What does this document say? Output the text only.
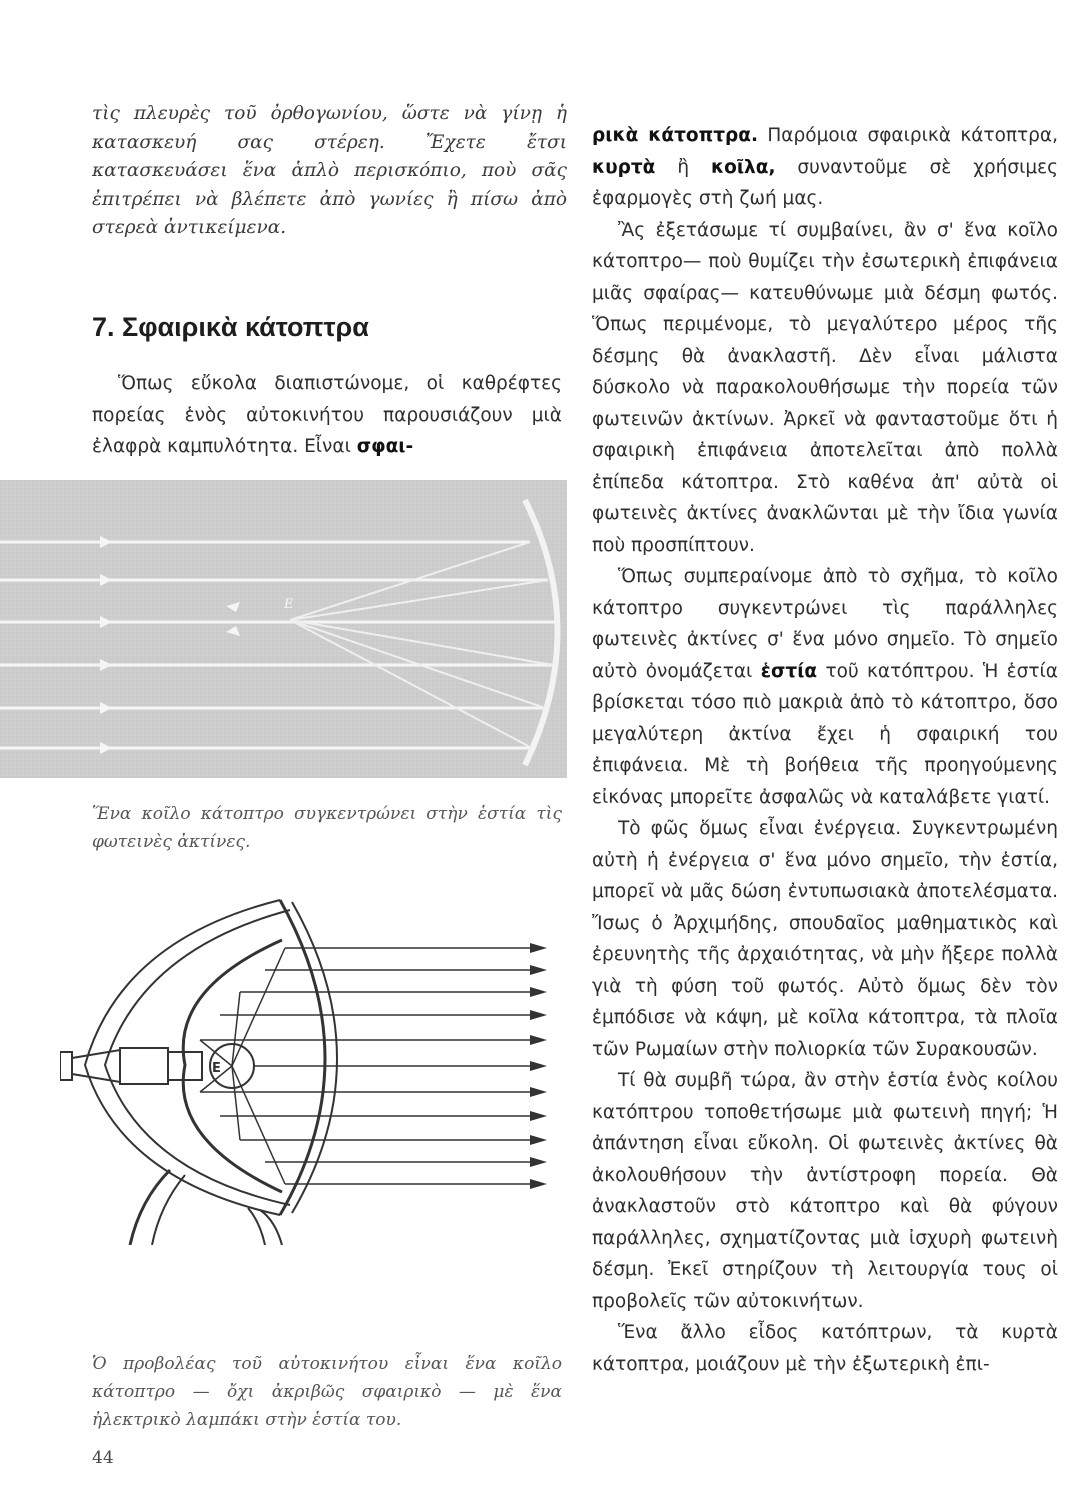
τὶς πλευρὲς τοῦ ὀρθογωνίου, ὥστε νὰ γίνῃ ἡ κατασκευή σας στέρεη. Ἔχετε ἔτσι κατασκευάσει ἕνα ἁπλὸ περισκόπιο, ποὺ σᾶς ἐπιτρέπει νὰ βλέπετε ἀπὸ γωνίες ἢ πίσω ἀπὸ στερεὰ ἀντικείμενα.

7. Σφαιρικὰ κάτοπτρα

Ὅπως εὔκολα διαπιστώνομε, οἱ καθρέφτες πορείας ἑνὸς αὐτοκινήτου παρουσιάζουν μιὰ ἐλαφρὰ καμπυλότητα. Εἶναι σφαι-

Ε

Ἕνα κοῖλο κάτοπτρο συγκεντρώνει στὴν ἑστία τὶς φωτεινὲς ἀκτίνες.

Ε

Ὁ προβολέας τοῦ αὐτοκινήτου εἶναι ἕνα κοῖλο κάτοπτρο — ὄχι ἀκριβῶς σφαιρικὸ — μὲ ἕνα ἠλεκτρικὸ λαμπάκι στὴν ἑστία του.

44

ρικὰ κάτοπτρα. Παρόμοια σφαιρικὰ κάτοπτρα, κυρτὰ ἢ κοῖλα, συναντοῦμε σὲ χρήσιμες ἐφαρμογὲς στὴ ζωή μας.

Ἂς ἐξετάσωμε τί συμβαίνει, ἂν σ' ἕνα κοῖλο κάτοπτρο— ποὺ θυμίζει τὴν ἐσωτερικὴ ἐπιφάνεια μιᾶς σφαίρας— κατευθύνωμε μιὰ δέσμη φωτός. Ὅπως περιμένομε, τὸ μεγαλύτερο μέρος τῆς δέσμης θὰ ἀνακλαστῆ. Δὲν εἶναι μάλιστα δύσκολο νὰ παρακολουθήσωμε τὴν πορεία τῶν φωτεινῶν ἀκτίνων. Ἀρκεῖ νὰ φανταστοῦμε ὅτι ἡ σφαιρικὴ ἐπιφάνεια ἀποτελεῖται ἀπὸ πολλὰ ἐπίπεδα κάτοπτρα. Στὸ καθένα ἀπ' αὐτὰ οἱ φωτεινὲς ἀκτίνες ἀνακλῶνται μὲ τὴν ἴδια γωνία ποὺ προσπίπτουν.

Ὅπως συμπεραίνομε ἀπὸ τὸ σχῆμα, τὸ κοῖλο κάτοπτρο συγκεντρώνει τὶς παράλληλες φωτεινὲς ἀκτίνες σ' ἕνα μόνο σημεῖο. Τὸ σημεῖο αὐτὸ ὀνομάζεται ἑστία τοῦ κατόπτρου. Ἡ ἑστία βρίσκεται τόσο πιὸ μακριὰ ἀπὸ τὸ κάτοπτρο, ὅσο μεγαλύτερη ἀκτίνα ἔχει ἡ σφαιρική του ἐπιφάνεια. Μὲ τὴ βοήθεια τῆς προηγούμενης εἰκόνας μπορεῖτε ἀσφαλῶς νὰ καταλάβετε γιατί.

Τὸ φῶς ὅμως εἶναι ἐνέργεια. Συγκεντρωμένη αὐτὴ ἡ ἐνέργεια σ' ἕνα μόνο σημεῖο, τὴν ἑστία, μπορεῖ νὰ μᾶς δώση ἐντυπωσιακὰ ἀποτελέσματα. Ἴσως ὁ Ἀρχιμήδης, σπουδαῖος μαθηματικὸς καὶ ἐρευνητὴς τῆς ἀρχαιότητας, νὰ μὴν ἤξερε πολλὰ γιὰ τὴ φύση τοῦ φωτός. Αὐτὸ ὅμως δὲν τὸν ἐμπόδισε νὰ κάψη, μὲ κοῖλα κάτοπτρα, τὰ πλοῖα τῶν Ρωμαίων στὴν πολιορκία τῶν Συρακουσῶν.

Τί θὰ συμβῆ τώρα, ἂν στὴν ἑστία ἑνὸς κοίλου κατόπτρου τοποθετήσωμε μιὰ φωτεινὴ πηγή; Ἡ ἀπάντηση εἶναι εὔκολη. Οἱ φωτεινὲς ἀκτίνες θὰ ἀκολουθήσουν τὴν ἀντίστροφη πορεία. Θὰ ἀνακλαστοῦν στὸ κάτοπτρο καὶ θὰ φύγουν παράλληλες, σχηματίζοντας μιὰ ἰσχυρὴ φωτεινὴ δέσμη. Ἐκεῖ στηρίζουν τὴ λειτουργία τους οἱ προβολεῖς τῶν αὐτοκινήτων.

Ἕνα ἄλλο εἶδος κατόπτρων, τὰ κυρτὰ κάτοπτρα, μοιάζουν μὲ τὴν ἐξωτερικὴ ἐπι-
